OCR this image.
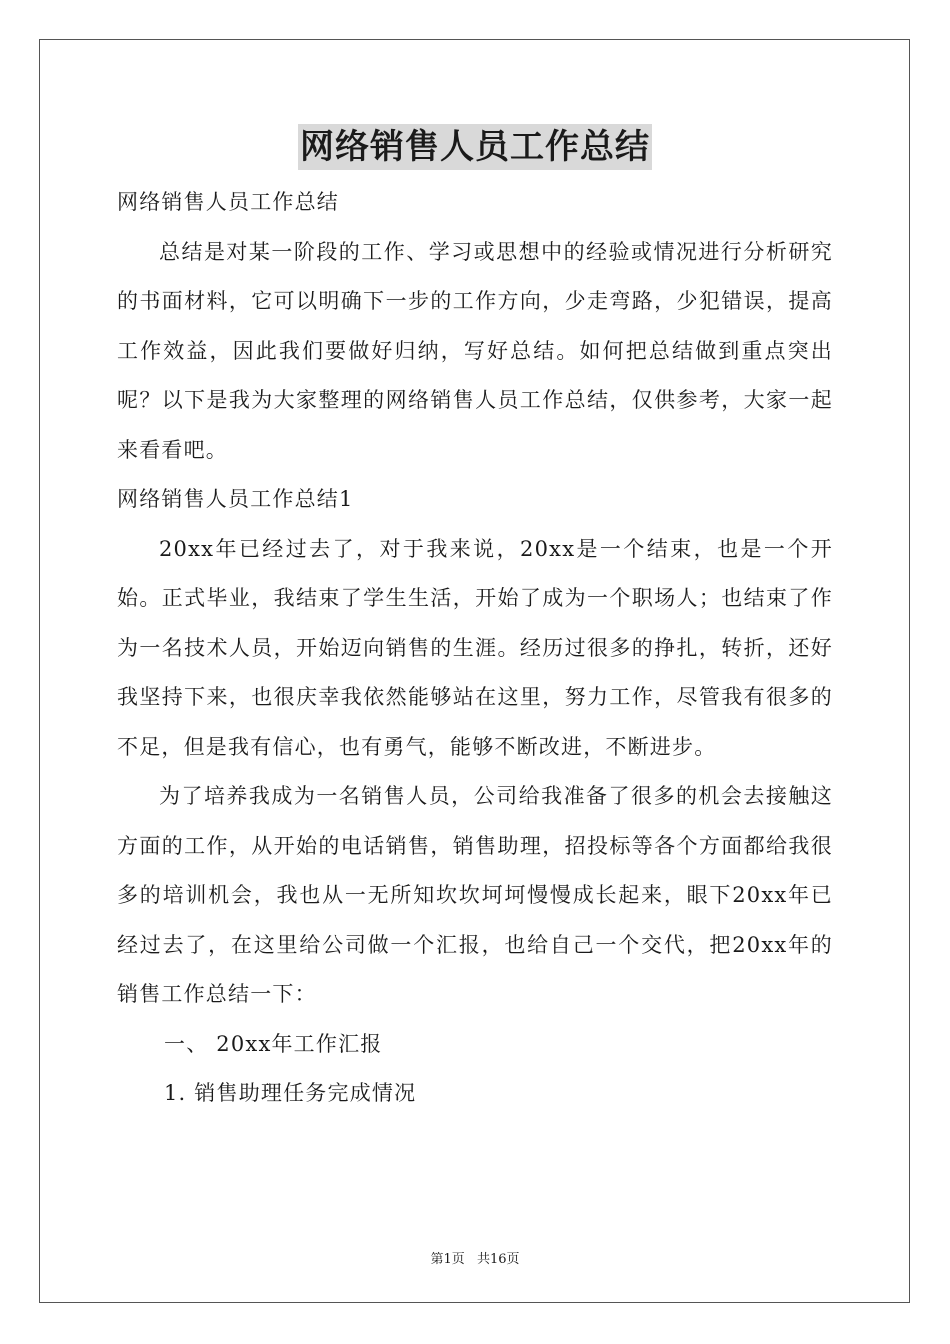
网络销售人员工作总结
网络销售人员工作总结

总结是对某一阶段的工作、学习或思想中的经验或情况进行分析研究的书面材料，它可以明确下一步的工作方向，少走弯路，少犯错误，提高工作效益，因此我们要做好归纳，写好总结。如何把总结做到重点突出呢？以下是我为大家整理的网络销售人员工作总结，仅供参考，大家一起来看看吧。

网络销售人员工作总结1

20xx年已经过去了，对于我来说，20xx是一个结束，也是一个开始。正式毕业，我结束了学生生活，开始了成为一个职场人；也结束了作为一名技术人员，开始迈向销售的生涯。经历过很多的挣扎，转折，还好我坚持下来，也很庆幸我依然能够站在这里，努力工作，尽管我有很多的不足，但是我有信心，也有勇气，能够不断改进，不断进步。

为了培养我成为一名销售人员，公司给我准备了很多的机会去接触这方面的工作，从开始的电话销售，销售助理，招投标等各个方面都给我很多的培训机会，我也从一无所知坎坎坷坷慢慢成长起来，眼下20xx年已经过去了，在这里给公司做一个汇报，也给自己一个交代，把20xx年的销售工作总结一下：

一、 20xx年工作汇报
1. 销售助理任务完成情况
第1页 共16页
